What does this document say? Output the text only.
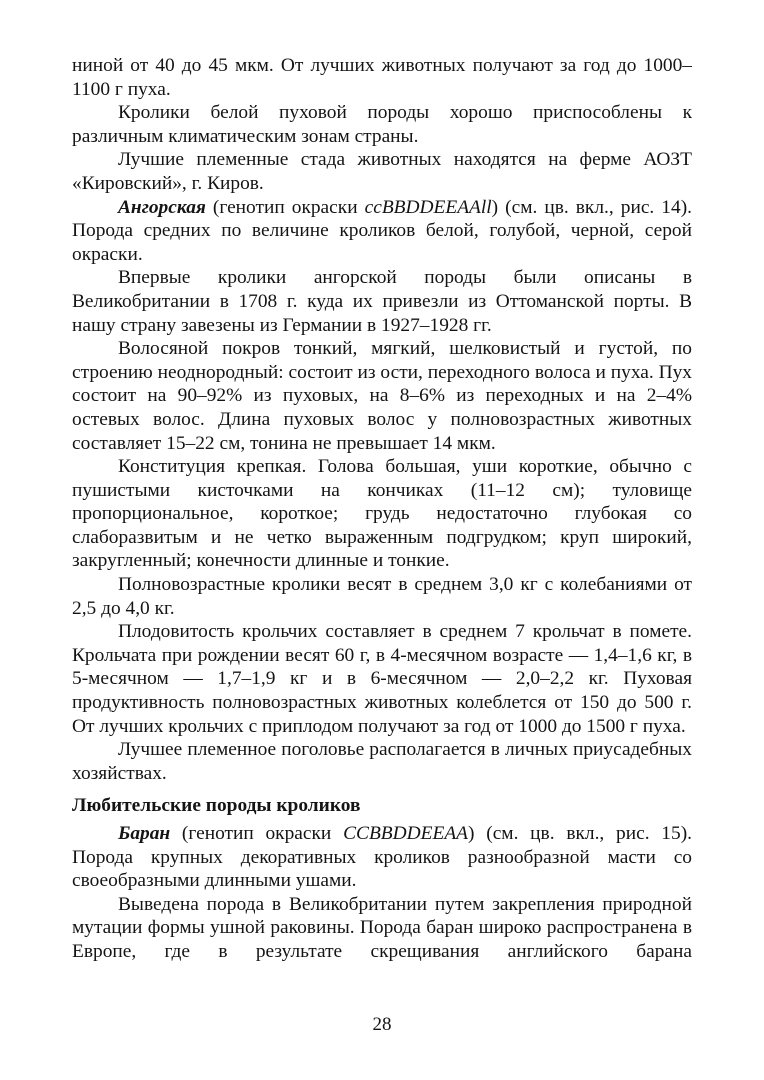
ниной от 40 до 45 мкм. От лучших животных получают за год до 1000–1100 г пуха.

Кролики белой пуховой породы хорошо приспособлены к различным климатическим зонам страны.

Лучшие племенные стада животных находятся на ферме АОЗТ «Кировский», г. Киров.

Ангорская (генотип окраски ccBBDDEEAAll) (см. цв. вкл., рис. 14). Порода средних по величине кроликов белой, голубой, черной, серой окраски.

Впервые кролики ангорской породы были описаны в Великобритании в 1708 г. куда их привезли из Оттоманской порты. В нашу страну завезены из Германии в 1927–1928 гг.

Волосяной покров тонкий, мягкий, шелковистый и густой, по строению неоднородный: состоит из ости, переходного волоса и пуха. Пух состоит на 90–92% из пуховых, на 8–6% из переходных и на 2–4% остевых волос. Длина пуховых волос у полновозрастных животных составляет 15–22 см, тонина не превышает 14 мкм.

Конституция крепкая. Голова большая, уши короткие, обычно с пушистыми кисточками на кончиках (11–12 см); туловище пропорциональное, короткое; грудь недостаточно глубокая со слаборазвитым и не четко выраженным подгрудком; круп широкий, закругленный; конечности длинные и тонкие.

Полновозрастные кролики весят в среднем 3,0 кг с колебаниями от 2,5 до 4,0 кг.

Плодовитость крольчих составляет в среднем 7 крольчат в помете. Крольчата при рождении весят 60 г, в 4-месячном возрасте — 1,4–1,6 кг, в 5-месячном — 1,7–1,9 кг и в 6-месячном — 2,0–2,2 кг. Пуховая продуктивность полновозрастных животных колеблется от 150 до 500 г. От лучших крольчих с приплодом получают за год от 1000 до 1500 г пуха.

Лучшее племенное поголовье располагается в личных приусадебных хозяйствах.

Любительские породы кроликов

Баран (генотип окраски CCBBDDEEAA) (см. цв. вкл., рис. 15). Порода крупных декоративных кроликов разнообразной масти со своеобразными длинными ушами.

Выведена порода в Великобритании путем закрепления природной мутации формы ушной раковины. Порода баран широко распространена в Европе, где в результате скрещивания английского барана

28
